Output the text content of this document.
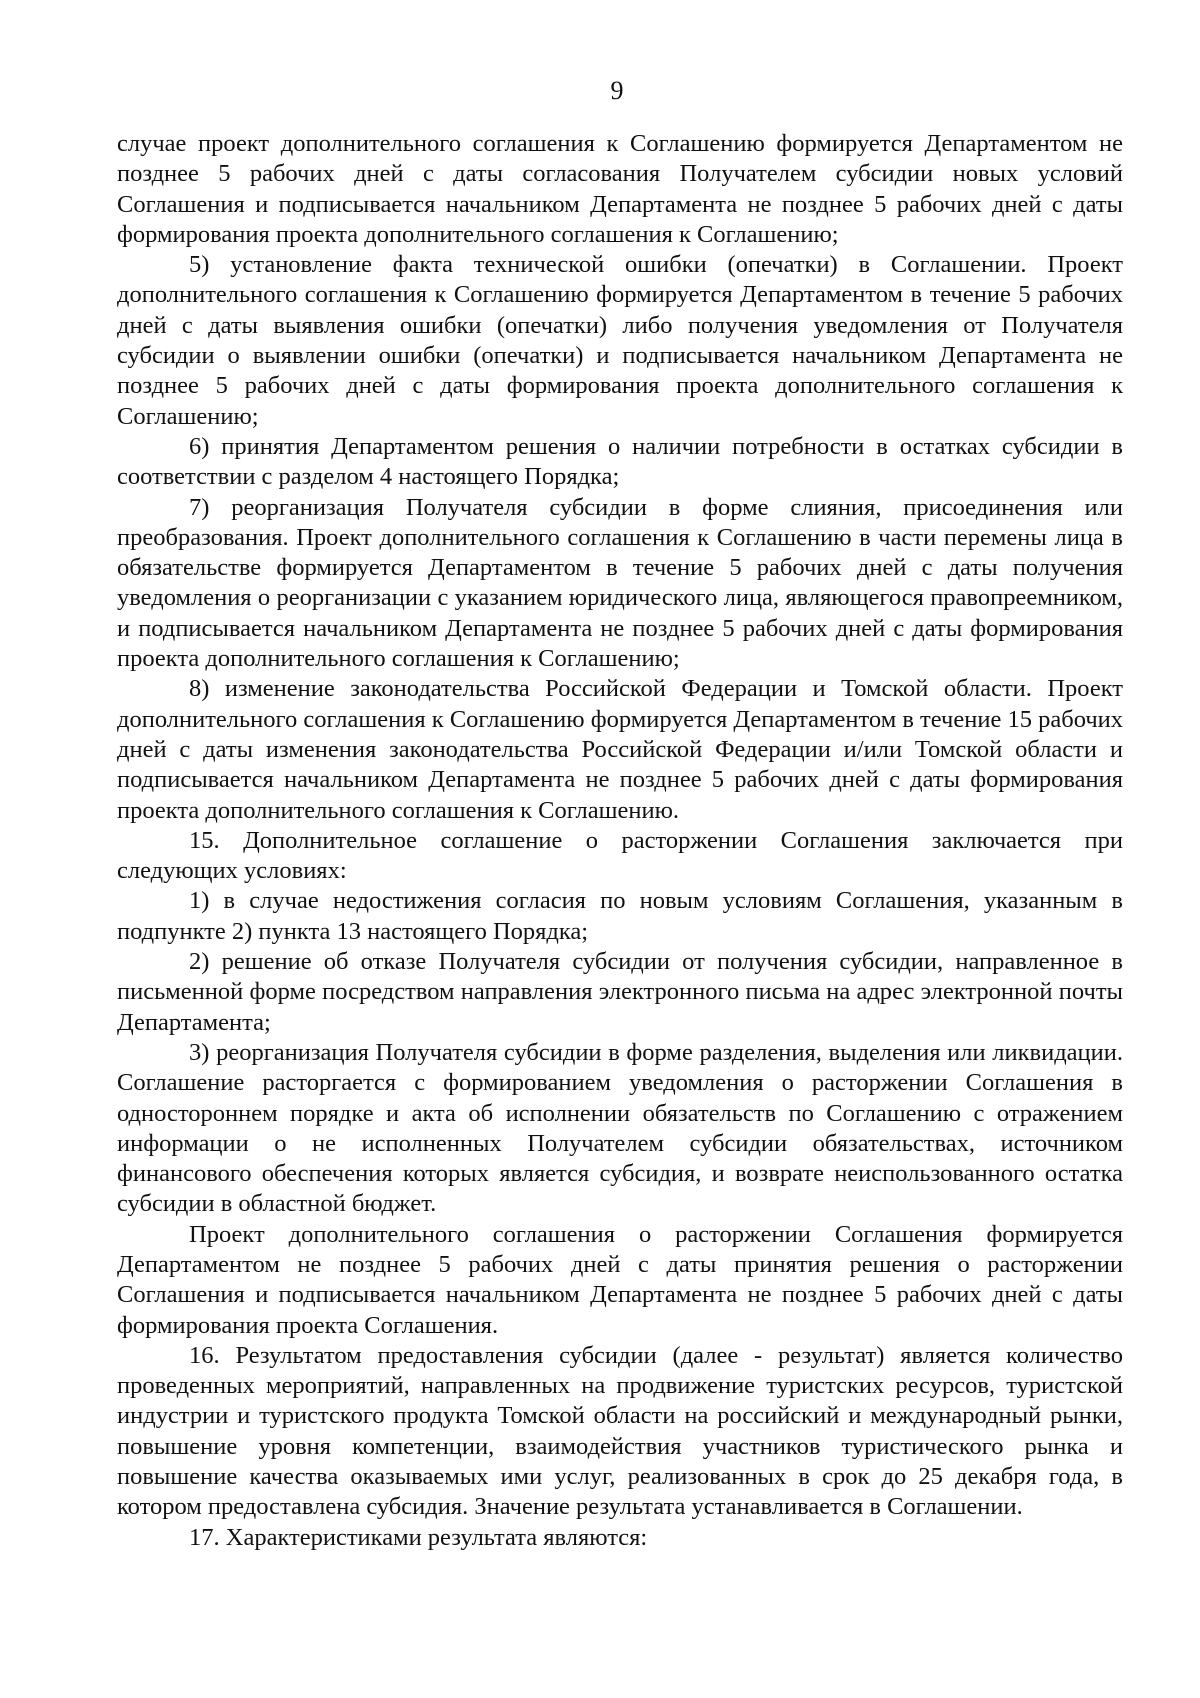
9

случае проект дополнительного соглашения к Соглашению формируется Департаментом не позднее 5 рабочих дней с даты согласования Получателем субсидии новых условий Соглашения и подписывается начальником Департамента не позднее 5 рабочих дней с даты формирования проекта дополнительного соглашения к Соглашению;

5) установление факта технической ошибки (опечатки) в Соглашении. Проект дополнительного соглашения к Соглашению формируется Департаментом в течение 5 рабочих дней с даты выявления ошибки (опечатки) либо получения уведомления от Получателя субсидии о выявлении ошибки (опечатки) и подписывается начальником Департамента не позднее 5 рабочих дней с даты формирования проекта дополнительного соглашения к Соглашению;

6) принятия Департаментом решения о наличии потребности в остатках субсидии в соответствии с разделом 4 настоящего Порядка;

7) реорганизация Получателя субсидии в форме слияния, присоединения или преобразования. Проект дополнительного соглашения к Соглашению в части перемены лица в обязательстве формируется Департаментом в течение 5 рабочих дней с даты получения уведомления о реорганизации с указанием юридического лица, являющегося правопреемником, и подписывается начальником Департамента не позднее 5 рабочих дней с даты формирования проекта дополнительного соглашения к Соглашению;

8) изменение законодательства Российской Федерации и Томской области. Проект дополнительного соглашения к Соглашению формируется Департаментом в течение 15 рабочих дней с даты изменения законодательства Российской Федерации и/или Томской области и подписывается начальником Департамента не позднее 5 рабочих дней с даты формирования проекта дополнительного соглашения к Соглашению.

15. Дополнительное соглашение о расторжении Соглашения заключается при следующих условиях:

1) в случае недостижения согласия по новым условиям Соглашения, указанным в подпункте 2) пункта 13 настоящего Порядка;

2) решение об отказе Получателя субсидии от получения субсидии, направленное в письменной форме посредством направления электронного письма на адрес электронной почты Департамента;

3) реорганизация Получателя субсидии в форме разделения, выделения или ликвидации. Соглашение расторгается с формированием уведомления о расторжении Соглашения в одностороннем порядке и акта об исполнении обязательств по Соглашению с отражением информации о не исполненных Получателем субсидии обязательствах, источником финансового обеспечения которых является субсидия, и возврате неиспользованного остатка субсидии в областной бюджет.

Проект дополнительного соглашения о расторжении Соглашения формируется Департаментом не позднее 5 рабочих дней с даты принятия решения о расторжении Соглашения и подписывается начальником Департамента не позднее 5 рабочих дней с даты формирования проекта Соглашения.

16. Результатом предоставления субсидии (далее - результат) является количество проведенных мероприятий, направленных на продвижение туристских ресурсов, туристской индустрии и туристского продукта Томской области на российский и международный рынки, повышение уровня компетенции, взаимодействия участников туристического рынка и повышение качества оказываемых ими услуг, реализованных в срок до 25 декабря года, в котором предоставлена субсидия. Значение результата устанавливается в Соглашении.

17. Характеристиками результата являются:
